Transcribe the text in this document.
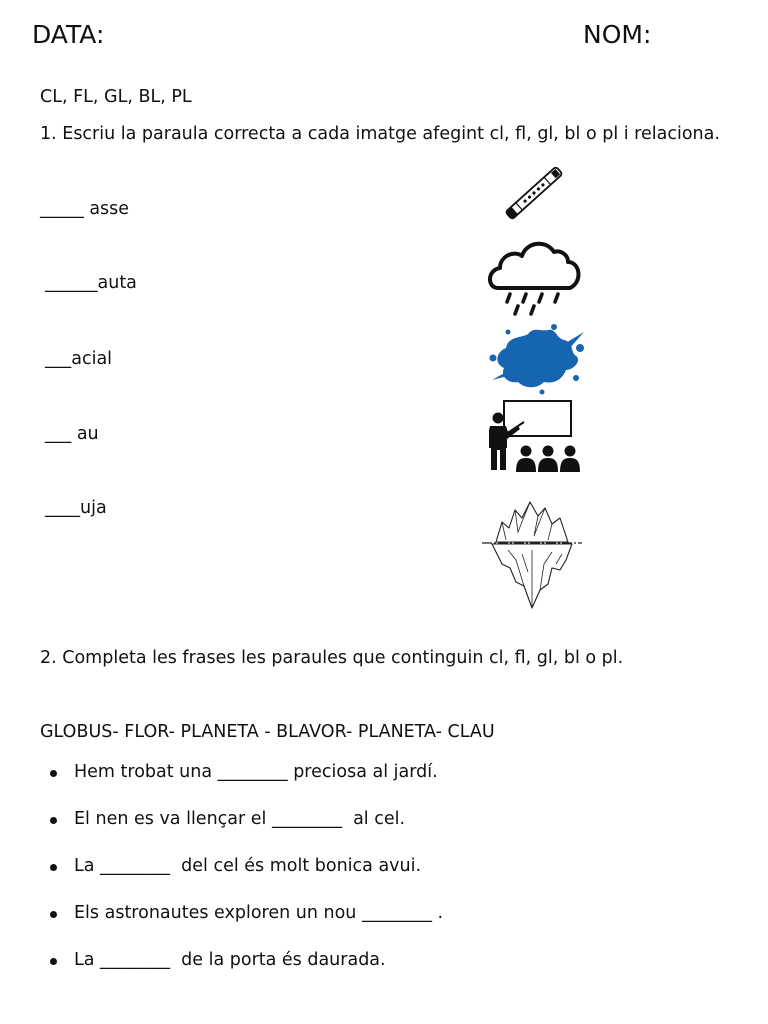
DATA:	NOM:
CL, FL, GL, BL, PL
1. Escriu la paraula correcta a cada imatge afegint cl, fl, gl, bl o pl i relaciona.
_____ asse
______auta
___acial
___ au
____uja
2. Completa les frases les paraules que continguin cl, fl, gl, bl o pl.
GLOBUS- FLOR- PLANETA - BLAVOR- PLANETA- CLAU
Hem trobat una ________ preciosa al jardí.
El nen es va llençar el ________  al cel.
La ________  del cel és molt bonica avui.
Els astronautes exploren un nou ________ .
La ________  de la porta és daurada.
